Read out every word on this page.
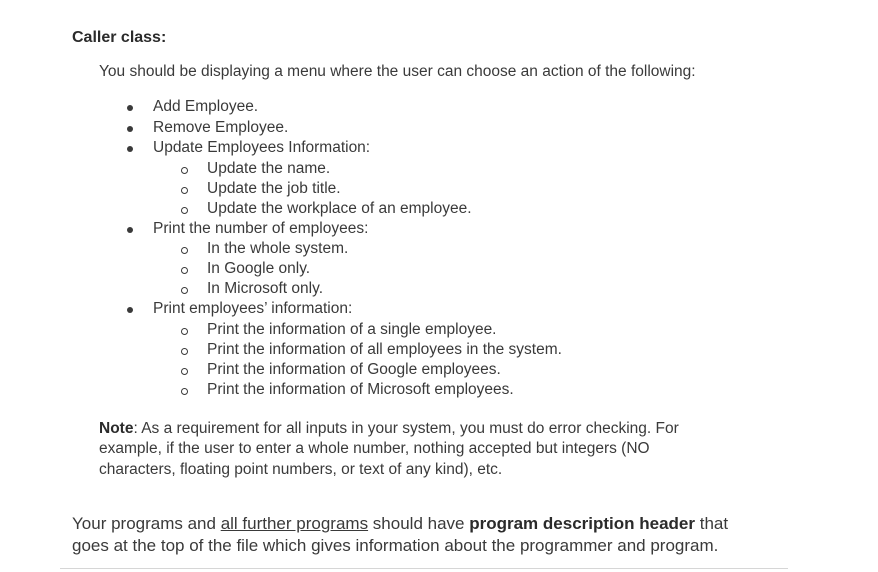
Caller class:

You should be displaying a menu where the user can choose an action of the following:

Add Employee.
Remove Employee.
Update Employees Information:
Update the name.
Update the job title.
Update the workplace of an employee.
Print the number of employees:
In the whole system.
In Google only.
In Microsoft only.
Print employees’ information:
Print the information of a single employee.
Print the information of all employees in the system.
Print the information of Google employees.
Print the information of Microsoft employees.

Note: As a requirement for all inputs in your system, you must do error checking. For
example, if the user to enter a whole number, nothing accepted but integers (NO
characters, floating point numbers, or text of any kind), etc.

Your programs and all further programs should have program description header that
goes at the top of the file which gives information about the programmer and program.
